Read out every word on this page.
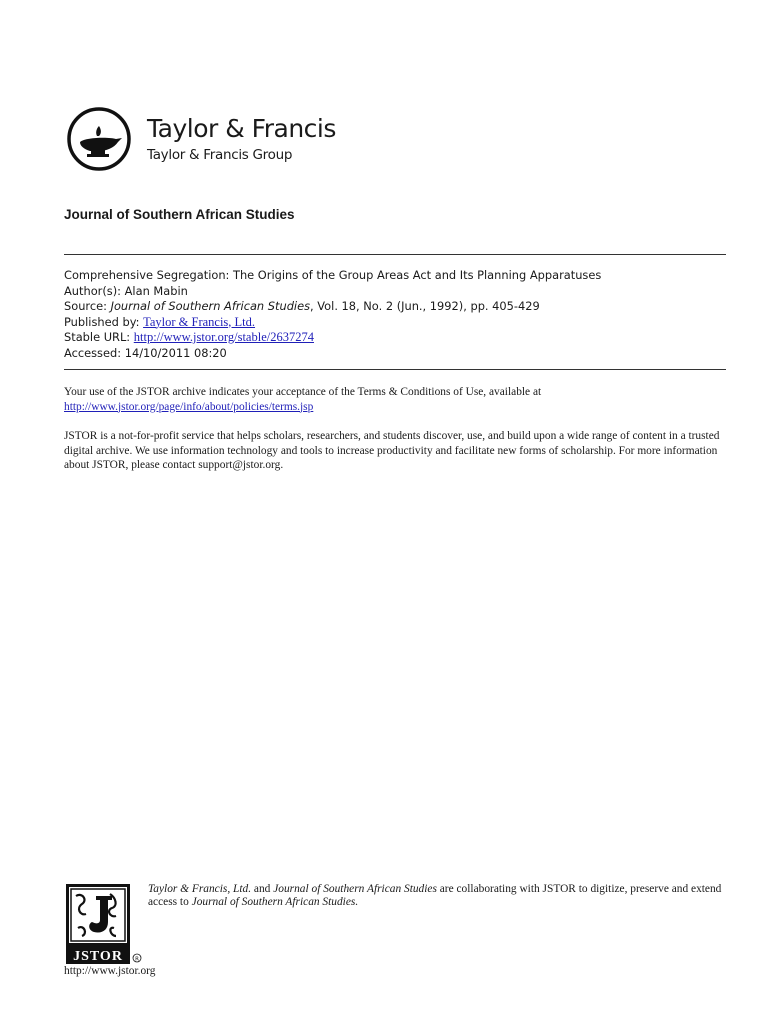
Taylor & Francis
Taylor & Francis Group
Journal of Southern African Studies
Comprehensive Segregation: The Origins of the Group Areas Act and Its Planning Apparatuses
Author(s): Alan Mabin
Source: Journal of Southern African Studies, Vol. 18, No. 2 (Jun., 1992), pp. 405-429
Published by: Taylor & Francis, Ltd.
Stable URL: http://www.jstor.org/stable/2637274
Accessed: 14/10/2011 08:20
Your use of the JSTOR archive indicates your acceptance of the Terms & Conditions of Use, available at
http://www.jstor.org/page/info/about/policies/terms.jsp
JSTOR is a not-for-profit service that helps scholars, researchers, and students discover, use, and build upon a wide range of content in a trusted digital archive. We use information technology and tools to increase productivity and facilitate new forms of scholarship. For more information about JSTOR, please contact support@jstor.org.
JSTOR R
http://www.jstor.org
Taylor & Francis, Ltd. and Journal of Southern African Studies are collaborating with JSTOR to digitize, preserve and extend access to Journal of Southern African Studies.
